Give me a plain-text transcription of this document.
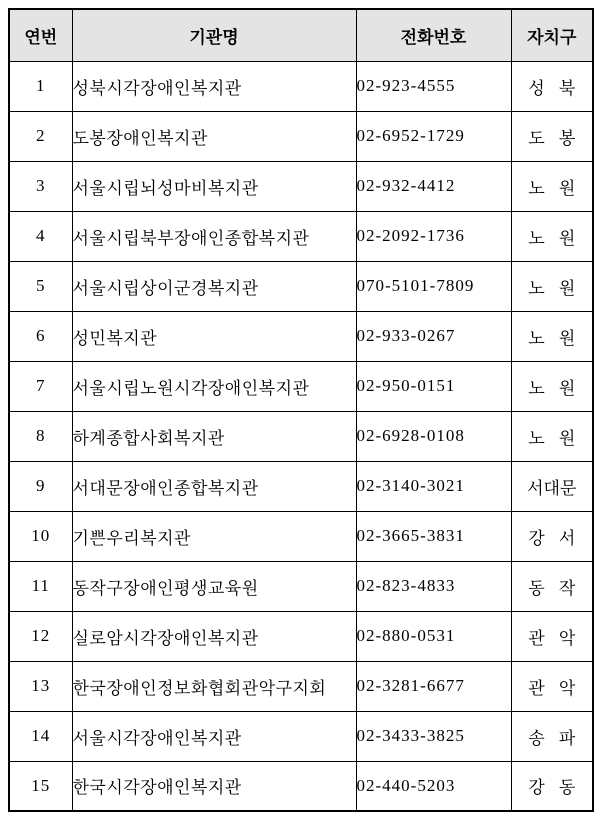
연번	기관명	전화번호	자치구
1	성북시각장애인복지관	02-923-4555	성 북
2	도봉장애인복지관	02-6952-1729	도 봉
3	서울시립뇌성마비복지관	02-932-4412	노 원
4	서울시립북부장애인종합복지관	02-2092-1736	노 원
5	서울시립상이군경복지관	070-5101-7809	노 원
6	성민복지관	02-933-0267	노 원
7	서울시립노원시각장애인복지관	02-950-0151	노 원
8	하계종합사회복지관	02-6928-0108	노 원
9	서대문장애인종합복지관	02-3140-3021	서대문
10	기쁜우리복지관	02-3665-3831	강 서
11	동작구장애인평생교육원	02-823-4833	동 작
12	실로암시각장애인복지관	02-880-0531	관 악
13	한국장애인정보화협회관악구지회	02-3281-6677	관 악
14	서울시각장애인복지관	02-3433-3825	송 파
15	한국시각장애인복지관	02-440-5203	강 동
